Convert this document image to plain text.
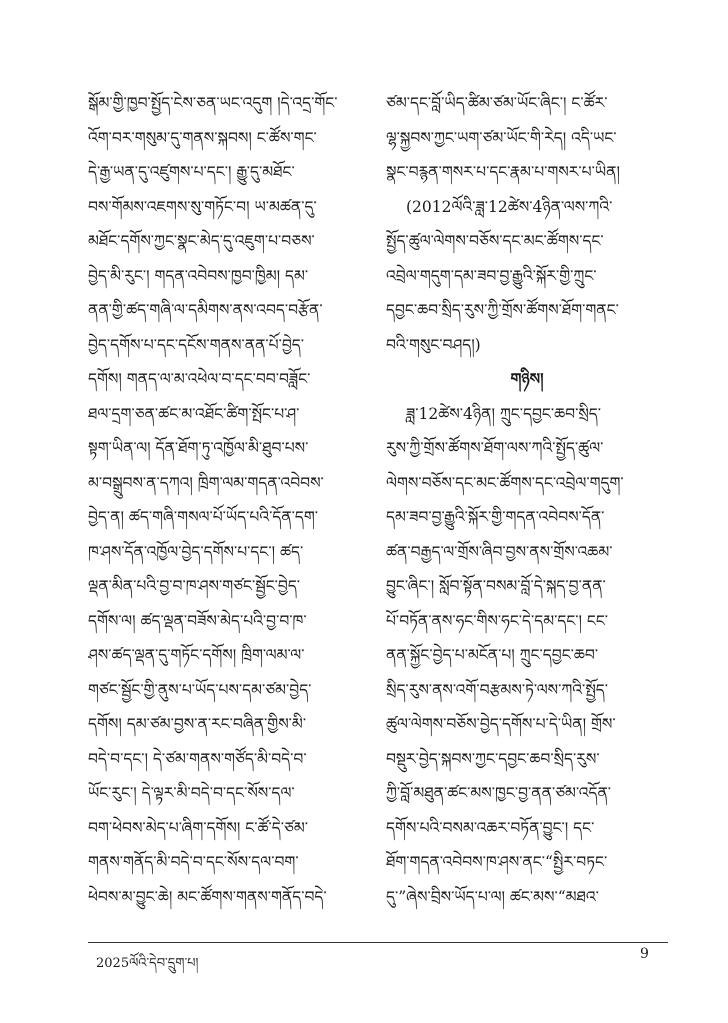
སྒོམ་གྱི་ཁྱབ་སྤྱོད་ངེས་ཅན་ཡང་འདུག །དེ་འདྲ་གོང་
འོག་བར་གསུམ་དུ་གནས་སྐབས། ང་ཚོས་གང་
དེ་རྒྱ་ཡན་དུ་འཛུགས་པ་དང་། རྒྱུ་དུ་མཐོང་
བས་གོམས་འཇགས་སུ་གཏོང་བ། ཡ་མཚན་དུ་
མཐོང་དགོས་ཀྱང་སྣང་མེད་དུ་འཇུག་པ་བཅས་
བྱེད་མི་རུང་། གདན་འབེབས་ཁྱབ་ཁྱིམ། དམ་
ནན་གྱི་ཚད་གཞི་ལ་དམིགས་ནས་འབད་བརྩོན་
བྱེད་དགོས་པ་དང་དངོས་གནས་ནན་པོ་བྱེད་
དགོས། གནད་ལ་མ་འཕེལ་བ་དང་བབ་བཟློང་
ཐལ་དྲག་ཅན་ཚང་མ་འཐོང་ཚིག་སྤོང་པ་ཤ་
སྟག་ཡིན་ལ། དོན་ཐོག་ཏུ་འཁྱོལ་མི་ཐུབ་པས་
མ་བསྒྲུབས་ན་དཀའ། ཁྲིག་ལམ་གདན་འབེབས་
བྱེད་ན། ཚད་གཞི་གསལ་པོ་ཡོད་པའི་དོན་དག་
ཁ་ཤས་དོན་འཁྱོལ་བྱེད་དགོས་པ་དང་། ཚད་
ལྡན་མིན་པའི་བྱ་བ་ཁ་ཤས་གཙང་སྦྱོང་བྱེད་
དགོས་ལ། ཚད་ལྡན་བཟོས་མེད་པའི་བྱ་བ་ཁ་
ཤས་ཚད་ལྡན་དུ་གཏོང་དགོས། ཁྲིག་ལམ་ལ་
གཙང་སྦྱོང་གྱི་ནུས་པ་ཡོད་པས་དམ་ཙམ་བྱེད་
དགོས། དམ་ཙམ་བྱས་ན་རང་བཞིན་གྱིས་མི་
བདེ་བ་དང་། དེ་ཙམ་གནས་གཙོད་མི་བདེ་བ་
ཡོང་རུང་། དེ་ལྟར་མི་བདེ་བ་དང་སོས་དལ་
བག་ཕེབས་མེད་པ་ཞིག་དགོས། ང་ཚོ་དེ་ཙམ་
གནས་གནོད་མི་བདེ་བ་དང་སོས་དལ་བག་
ཕེབས་མ་བྱུང་ཆེ། མང་ཚོགས་གནས་གནོད་བདེ་
ཙམ་དང་བློ་ཡིད་ཚིམ་ཙམ་ཡོང་ཞིང་། ང་ཚོར་
ལྷ་སྐྱབས་ཀྱང་ཡག་ཙམ་ཡོང་གི་རེད། འདི་ཡང་
སྣང་བརྙན་གསར་པ་དང་རྣམ་པ་གསར་པ་ཡིན།
(2012ལོའི་ཟླ་12ཚེས་4ཉིན་ལས་ཀའི་
སྤྱོད་ཚུལ་ལེགས་བཅོས་དང་མང་ཚོགས་དང་
འབྲེལ་གདུག་དམ་ཟབ་བྱ་རྒྱུའི་སྐོར་གྱི་ཀྲུང་
དབྱང་ཆབ་སྲིད་རུས་ཀྱི་གྲོས་ཚོགས་ཐོག་གནང་
བའི་གསུང་བཤད།)
གཉིས།
ཟླ་12ཚེས་4ཉིན། ཀྲུང་དབྱང་ཆབ་སྲིད་
རུས་ཀྱི་གྲོས་ཚོགས་ཐོག་ལས་ཀའི་སྤྱོད་ཚུལ་
ལེགས་བཅོས་དང་མང་ཚོགས་དང་འབྲེལ་གདུག་
དམ་ཟབ་བྱ་རྒྱུའི་སྐོར་གྱི་གདན་འབེབས་དོན་
ཚན་བརྒྱད་ལ་གྲོས་ཞིབ་བྱས་ནས་གྲོས་འཆམ་
བྱུང་ཞིང་། སློབ་སྟོན་བསམ་བློ་དེ་སྐད་བྱ་ནན་
པོ་བཏོན་ནས་ཧང་གིས་ཧང་དེ་དམ་དང་། ངང་
ནན་སྐྱོང་བྱེད་པ་མངོན་པ། ཀྲུང་དབྱང་ཆབ་
སྲིད་རུས་ནས་འགོ་བརྩམས་ཏེ་ལས་ཀའི་སྤྱོད་
ཚུལ་ལེགས་བཅོས་བྱེད་དགོས་པ་དེ་ཡིན། གྲོས་
བསྡུར་བྱེད་སྐབས་ཀྱང་དབྱང་ཆབ་སྲིད་རུས་
ཀྱི་བློ་མཐུན་ཚང་མས་ཁྱང་བྱ་ནན་ཙམ་འདོན་
དགོས་པའི་བསམ་འཆར་བཏོན་བྱུང་། དང་
ཐོག་གདན་འབེབས་ཁ་ཤས་ནང་“སྤྱིར་བཏང་
དུ་”ཞེས་བྲིས་ཡོད་པ་ལ། ཚང་མས་“མཐའ་
2025ལོའི་དེབ་དྲུག་པ།
9
